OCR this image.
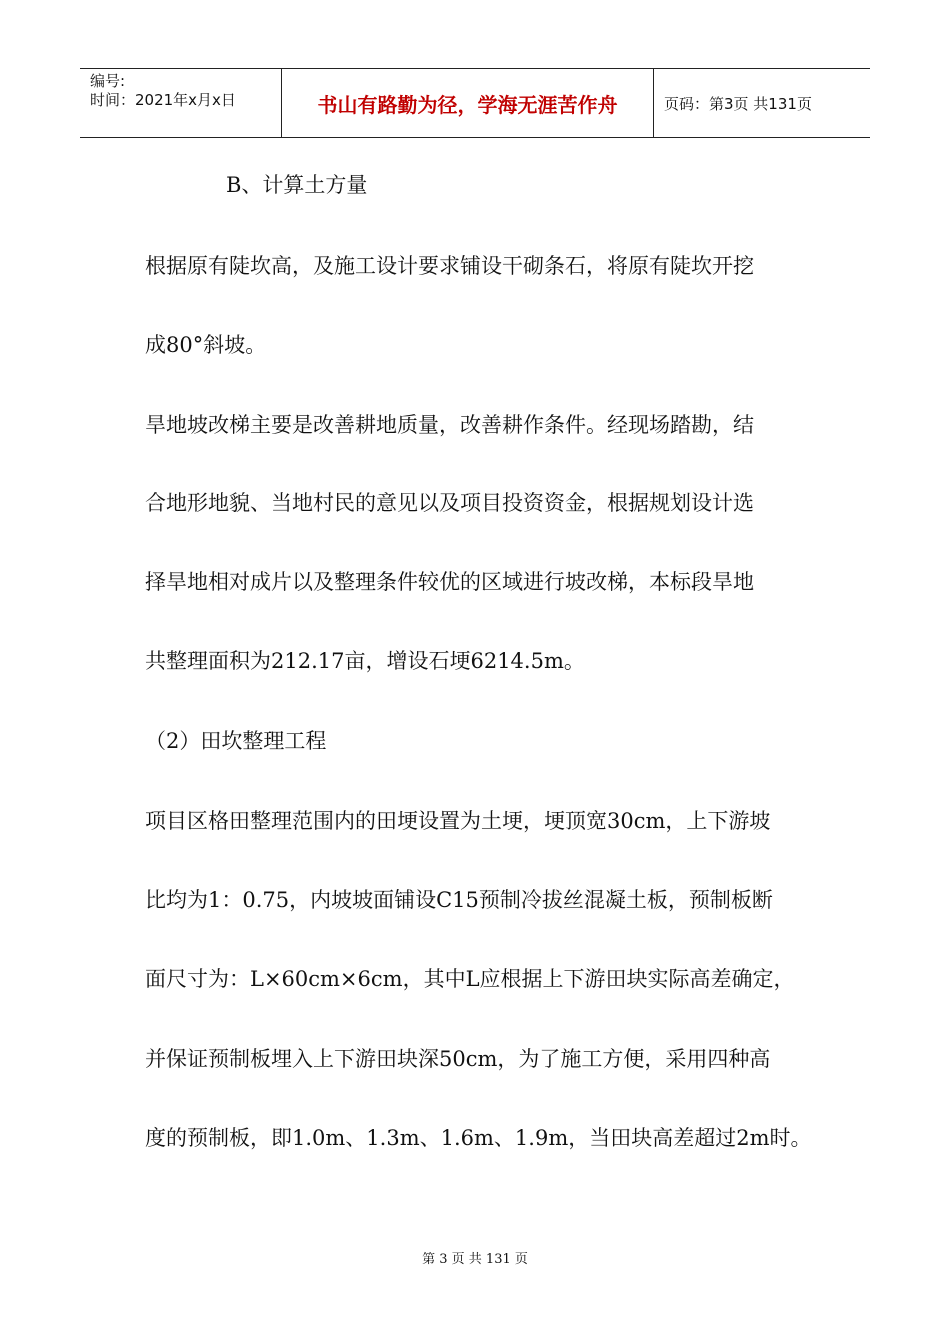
编号:
时间：2021年x月x日	书山有路勤为径，学海无涯苦作舟	页码：第3页 共131页
B、计算土方量
根据原有陡坎高，及施工设计要求铺设干砌条石，将原有陡坎开挖
成80°斜坡。
旱地坡改梯主要是改善耕地质量，改善耕作条件。经现场踏勘，结
合地形地貌、当地村民的意见以及项目投资资金，根据规划设计选
择旱地相对成片以及整理条件较优的区域进行坡改梯，本标段旱地
共整理面积为212.17亩，增设石埂6214.5m。
（2）田坎整理工程
项目区格田整理范围内的田埂设置为土埂，埂顶宽30cm，上下游坡
比均为1：0.75，内坡坡面铺设C15预制冷拔丝混凝土板，预制板断
面尺寸为：L×60cm×6cm，其中L应根据上下游田块实际高差确定，
并保证预制板埋入上下游田块深50cm，为了施工方便，采用四种高
度的预制板，即1.0m、1.3m、1.6m、1.9m，当田块高差超过2m时。
第 3 页 共 131 页
